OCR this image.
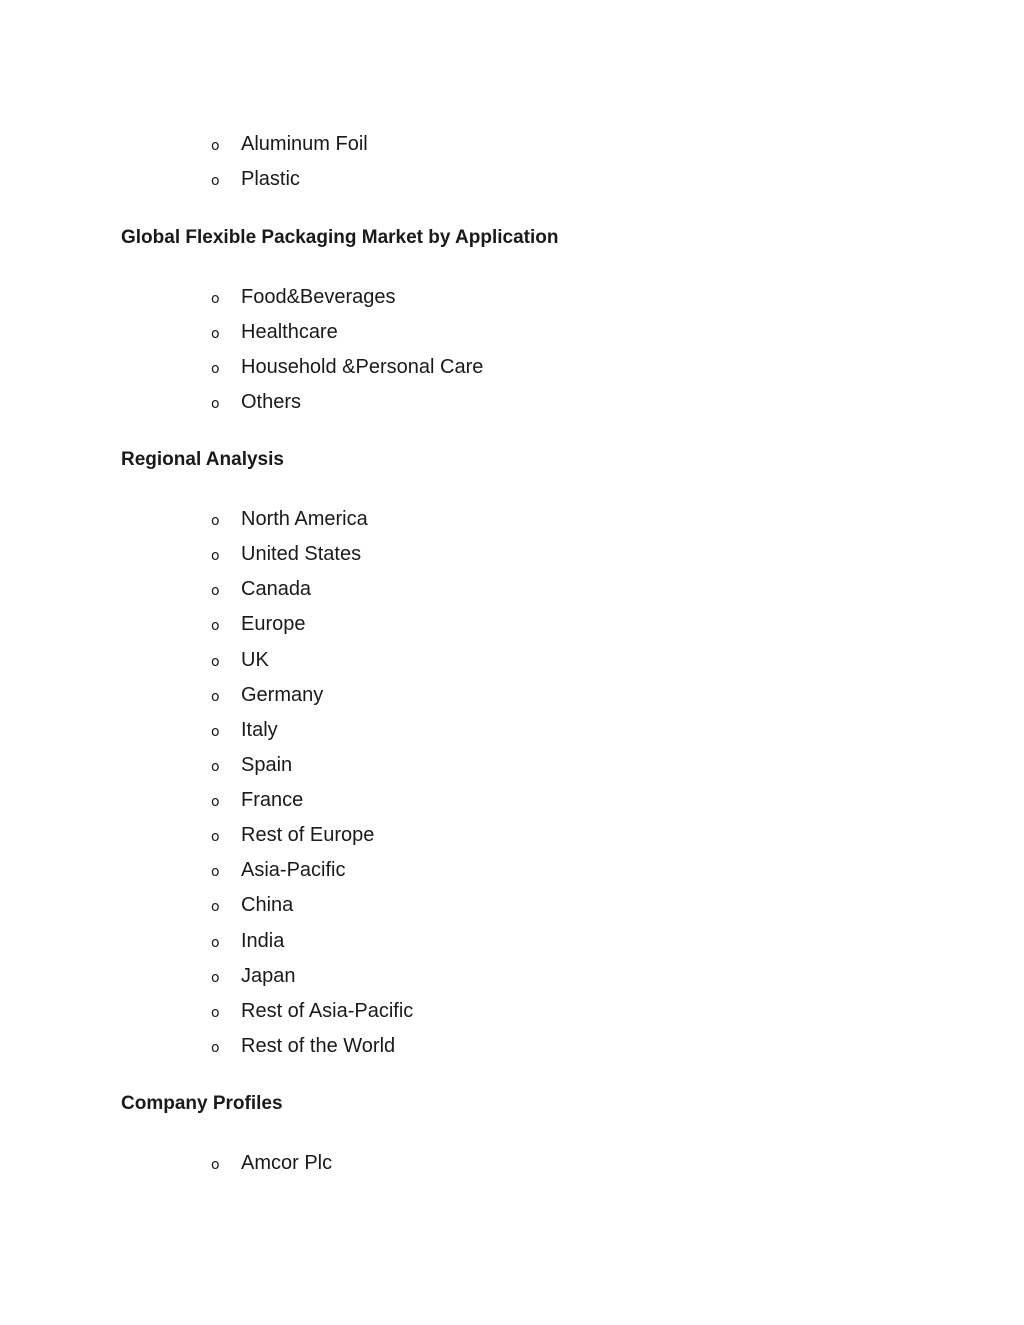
o Aluminum Foil
o Plastic
Global Flexible Packaging Market by Application
o Food&Beverages
o Healthcare
o Household &Personal Care
o Others
Regional Analysis
o North America
o United States
o Canada
o Europe
o UK
o Germany
o Italy
o Spain
o France
o Rest of Europe
o Asia-Pacific
o China
o India
o Japan
o Rest of Asia-Pacific
o Rest of the World
Company Profiles
o Amcor Plc
